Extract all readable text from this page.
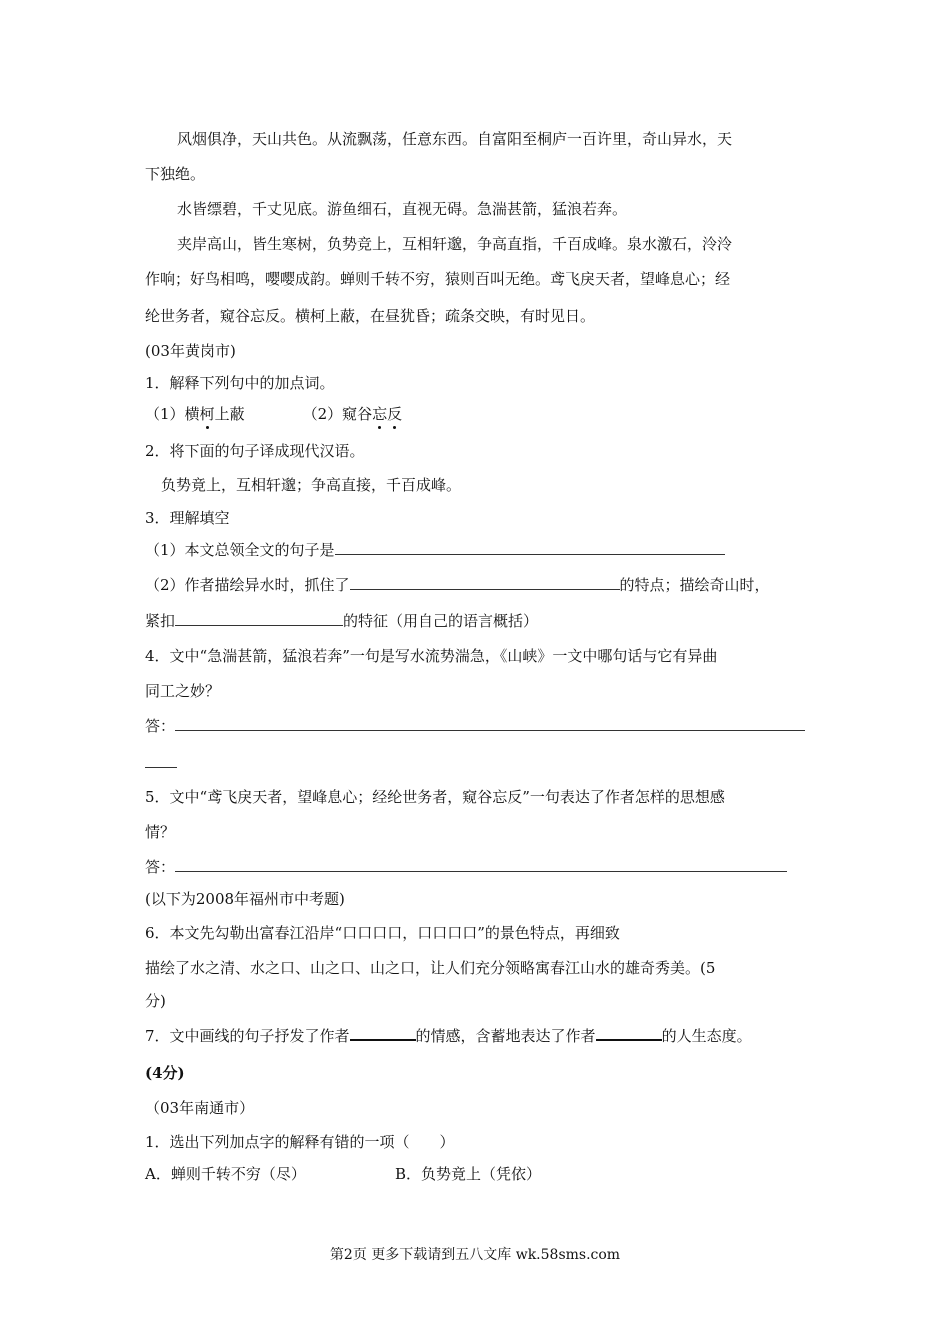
风烟俱净，天山共色。从流飘荡，任意东西。自富阳至桐庐一百许里，奇山异水，天
下独绝。
水皆缥碧，千丈见底。游鱼细石，直视无碍。急湍甚箭，猛浪若奔。
夹岸高山，皆生寒树，负势竞上，互相轩邈，争高直指，千百成峰。泉水激石，泠泠
作响；好鸟相鸣，嘤嘤成韵。蝉则千转不穷，猿则百叫无绝。鸢飞戾天者，望峰息心；经
纶世务者，窥谷忘反。横柯上蔽，在昼犹昏；疏条交映，有时见日。
(03年黄岗市)
1．解释下列句中的加点词。
（1）横柯上蔽	（2）窥谷忘反
2．将下面的句子译成现代汉语。
负势竟上，互相轩邈；争高直接，千百成峰。
3．理解填空
（1）本文总领全文的句子是
（2）作者描绘异水时，抓住了	的特点；描绘奇山时，
紧扣	的特征（用自己的语言概括）
4．文中“急湍甚箭，猛浪若奔”一句是写水流势湍急，《山峡》一文中哪句话与它有异曲
同工之妙？
答：
5．文中“鸢飞戾天者，望峰息心；经纶世务者，窥谷忘反”一句表达了作者怎样的思想感
情？
答：
(以下为2008年福州市中考题)
6．本文先勾勒出富春江沿岸“口口口口，口口口口”的景色特点，再细致
描绘了水之清、水之口、山之口、山之口，让人们充分领略寓春江山水的雄奇秀美。(5
分)
7．文中画线的句子抒发了作者	的情感，含蓄地表达了作者	的人生态度。
(4分)
（03年南通市）
1．选出下列加点字的解释有错的一项（　　）
A．蝉则千转不穷（尽）	B．负势竟上（凭依）
第2页 更多下载请到五八文库 wk.58sms.com
